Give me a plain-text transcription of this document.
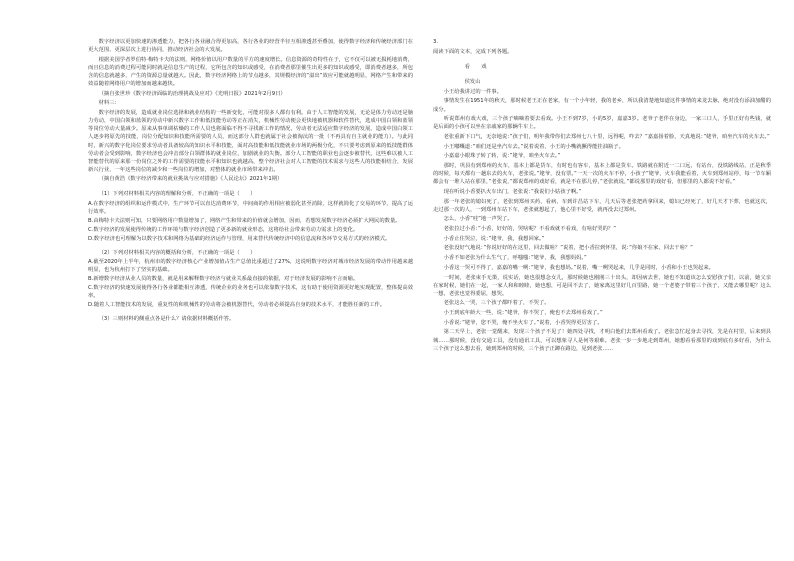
数字经济以更加快速的渗透能力，把各行各业融合得更加高，各行各业的经营半径互相渗透甚至叠加，使得数字经济和传统经济部门在更大范围、更深层次上进行协同，推动经济社会的大发展。

根据美国学者罗伯特·梅特卡夫的法则，网络价值以用户数量的平方的速度增长。信息资源的奇特性在于，它不仅可以被无损耗地消费，而且信息的消费过程可能同时就是信息生产的过程，它所包含的知识或感受，在消费者那里催生出更多的知识或感受，即消费者越多，所包含的信息就越多，产生的资源总量就越大。因此，数字经济网络上的节点越多，其规模经济的”溢出”效应可能就越明显，网络产生和带来的效益随着网络用户的增加而越来越快。

（摘自张世珍《数字经济面临的治理挑战及应对》《光明日报》2021年2月9日）

材料三：

数字经济的发展，造成就业岗位选择和就业结构的一些新变化，可能对很多人都有有利。由于人工智能的发展，无论是体力劳动还是脑力劳动，中国白领和蓝领的劳动中新兴数字工作和低技能劳动等正在消失，机械性劳动便会更快地被机器和软件替代，选成中国白领和蓝领等岗位劳动大量减少。原来从事单调枯燥的工作人员也将面临不得不寻找新工作的情况，劳动者无法适应数字经济的发展，造成中国白领工人逐步将原先的技能，岗位分配知识和技能所需要的人员，而这部分人群也就属于社会被淘汰的一批（不再具有自主就业的能力）。与此同时，新兴的数字化岗位要求劳动者具备较高的知识水平和技能，面对高技能和低技能就业市场的两极分化，不只要考虑到原来的低技能群体劳动者会受到影响，数字经济也会冲击部分白领群体的就业岗位，加剧就业的失衡。部分人工智能的职业也会逐步被替代，这些难以被人工智能替代的原来那一份岗位之外的工作需要的技能水平和知识也就越高，整个经济社会对人工智能的技术需求与这些人的技能相结合，发展新兴行业，一年这些岗位的减少和一些岗位的增加，对整体的就业市场带来冲击。

（摘自黄浩《数字经济带来的就业挑战与应对措施》《人民论坛》2021年1期）

（1）下列对材料相关内容的理解和分析，不正确的一项是（　　）

A.在数字经济的组织和运作模式中，生产环节可以直达消费环节，中间商的作用相应被弱化甚至消除，这样就简化了交易的环节，提高了运行效率。

B.由梅特卡夫法则可知，只要网络用户数量增加了，网络产生和带来的价值就会增加，因而，若想发展数字经济必须扩大网民的数量。

C.数字经济的发展使得传统的工作环境与数字经济创造了更多新的就业形态，这将给社会带来劳动力需求上的变化。

D.数字经济也可理解为以数字技术和网络为基础的经济运作与管理，用来替代传统经济中的信息流和各环节交易方式的经济模式。

（2）下列对材料相关内容的概括和分析，不正确的一项是（　　）

A.截至2020年上半年，杭州市的数字经济核心产业增加值占生产总值比重超过了27%，这说明数字经济对城市经济发展的带动作用越来越明显，也为杭州打下了坚实的基础。

B.新增数字经济从业人员的数量，就是用来解释数字经济与就业关系最直接的依据，对于经济发展的影响不言而喻。

C.数字经济的快速发展使得各行各业都能相互渗透，传统企业的业务也可以依靠数字技术，这有助于使用资源更好地实现配置，整体提高效率。

D.随着人工智能技术的发展，重复性的和机械性的劳动将会被机器替代，劳动者必须提高自身的技术水平，才能胜任新的工作。

（3）三则材料的侧重点各是什么？请依据材料概括作答。

3.

阅读下面的文本，完成下列各题。

看　戏

侯发山

小王给我讲过的一件事。

事情发生在1951年的秋天，那时候老王正在老家，有一个小年轻，我的老乡，所以我清楚地知道这件事情的来龙去脉，绝对没有添油加醋的成分。

听说郑州有戏大戏，三个孩子嘀嘀着要去看戏。小王不到7岁，小的5岁，嘉嘉3岁。老爷子老伴在身边，一家三口人，手里正好有些钱，就是后面的小孩可以坐在亲戚家的那辆牛车上。

老张重新下口气，无奈地说：”孩子们，明年我带你们去郑州七八十里，远得呢，咋去？”嘉嘉扬着脸，天真地说：”姥爷，咱坐汽车的火车去。”

小王嘟囔道：”咱们还是坐汽车去。”说着说着，小王的小嘴就撅得能挂油瓶子。

小嘉嘉小眼珠子转了转，说：”姥爷，咱坐火车去。”

那时，巩县有到郑州的火车，基本上都是货车，有时也有客车，基本上都是货车。铁路就在附近一二口远，有站台，没铁路线站，正是秋季的时候，每天都有一趟东去的火车，老张说。”姥爷，没有票。”一天一次的火车不停，小孩子”姥爷，火车我能看着，火车到郑州站停，每一节车厢都会有一堆人站在那里，”老张说，”都说郑州的戏好看，就是不在那儿停，”老张就说，”都说那里的戏好看，但那里的人都说不好看。”

现在听说小香要扒火车出门，老张说：”我说们小姑孩子啊。”

那一年老张的媳妇死了，老张到郑州买药，看病，车到许昌站下车，几天后等老张把药拿回来，媳妇已经死了，好几天才下葬，也就这次，走过那一次的人，一到郑州车站下车，老张就想起了，他心里不好受，就再没去过郑州。

怎么，小香”哇”地一声哭了。

老张拉过小香：”小香，好好的，哭啥呢？不看戏就不看戏，有啥好哭的？”

小香止住哭泣，说：”姥爷，我，我想回家。”

老张没好气地说：”你说好好的在这里，回去做啥？”说着，把小香拉到怀里，说：”你娘不在家，回去干啥？”

小香不如老张为什么生气了，呼嗤嗤：”姥爷，我，我想妈妈。”

小香这一哭可不得了，嘉嘉的嘴一咧：”姥爷，我也想妈。”说着，嘴一咧哭起来，几乎是同时，小香和小王也哭起来。

一时间，老张束手无策，说实话，她也很想念女儿，那时候她也刚刚三十出头，却因病去世，她也不知道该怎么安慰孩子们，以前，她父亲在家时候，她们在一起，一家人和和睦睦，她也想，可是回不去了，她家离这里好几百里路，她一个老婆子带着三个孩子，又能去哪里呢？这么一想，老张也觉得委屈，想哭。

老张这么一哭，三个孩子都吓着了，不哭了。

小王到底年龄大一些，说：”姥爷，你不哭了，俺也不去郑州看戏了。”

小香说：”姥爷，您不哭，俺不坐火车了。”说着，小香哭得更厉害了。

第二天早上，老张一觉醒来，发现三个孩子不见了！她四处寻找，才明白他们去郑州看戏了。老张急忙起身去寻找，先是在村里，后来到县城……那时候，没有交通工具，没有通讯工具，可以想象寻人是何等艰难。老张一步一步地走到郑州，她想看看那里的戏到底有多好看，为什么三个孩子这么想去看，她到郑州的时候，三个孩子正蹲在路边，见到老张……
